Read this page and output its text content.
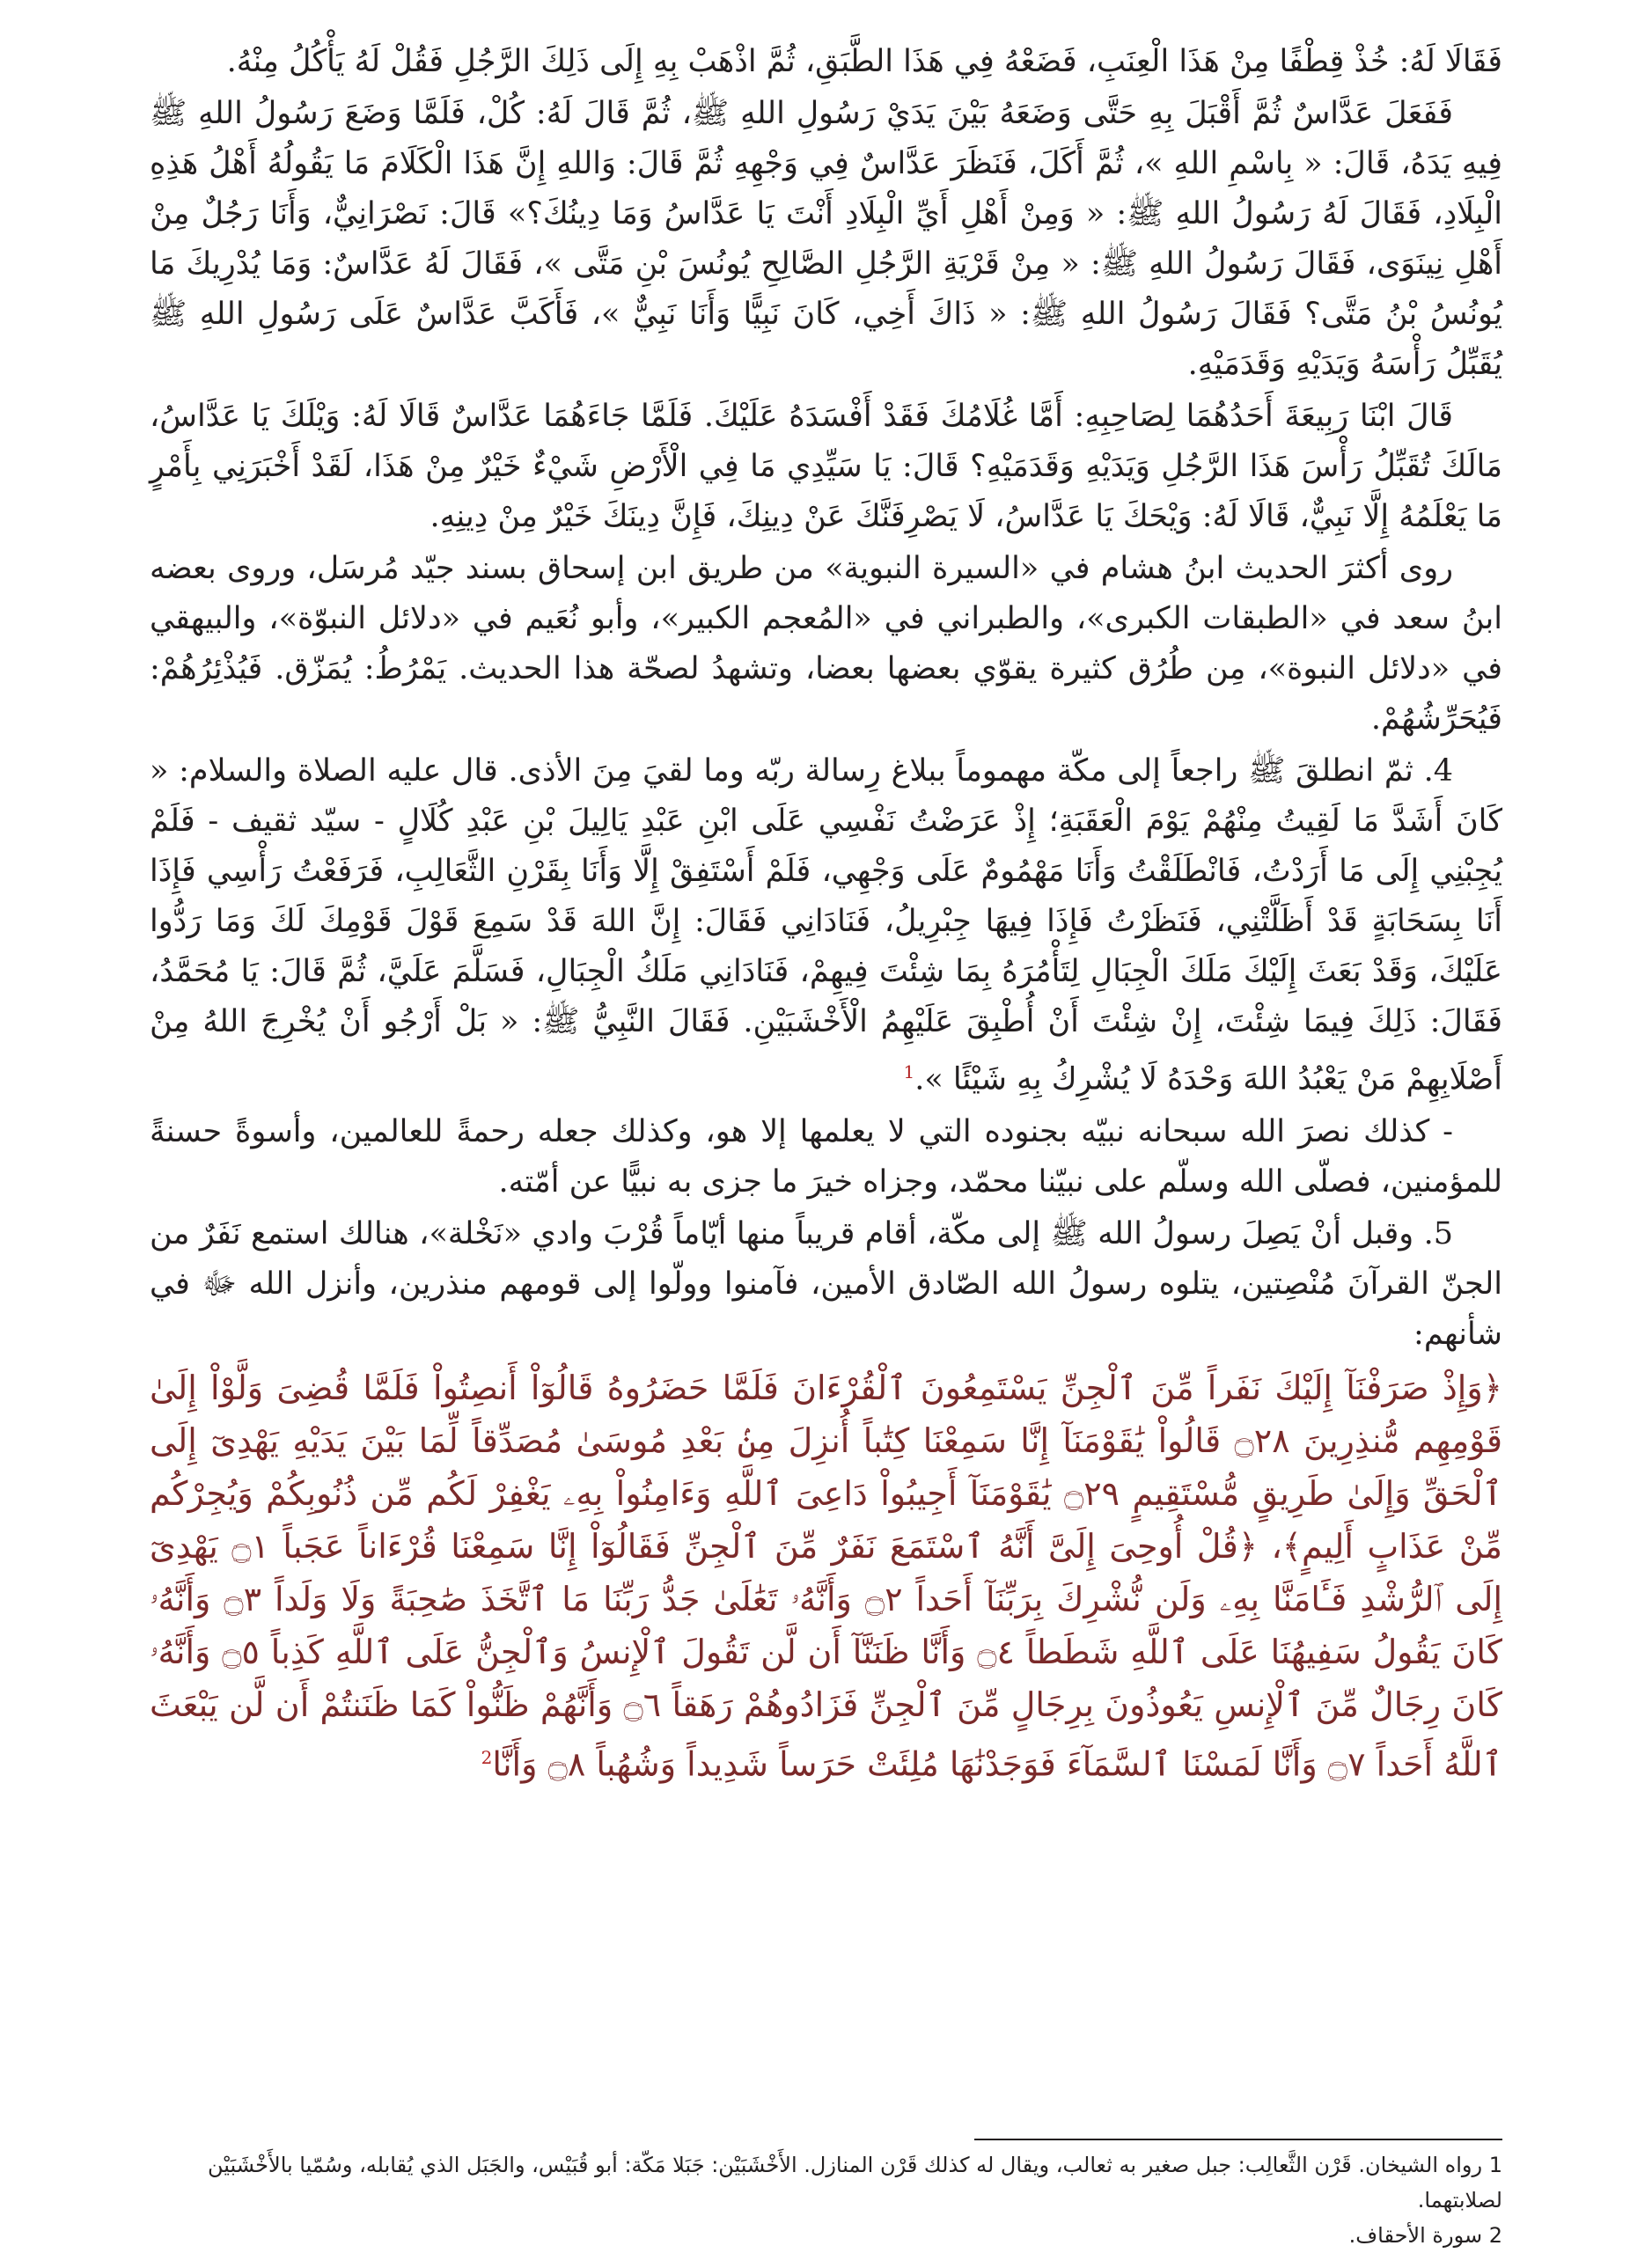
فَقَالَا لَهُ: خُذْ قِطْفًا مِنْ هَذَا الْعِنَبِ، فَضَعْهُ فِي هَذَا الطَّبَقِ، ثُمَّ اذْهَبْ بِهِ إِلَى ذَلِكَ الرَّجُلِ فَقُلْ لَهُ يَأْكُلُ مِنْهُ.

فَفَعَلَ عَدَّاسٌ ثُمَّ أَقْبَلَ بِهِ حَتَّى وَضَعَهُ بَيْنَ يَدَيْ رَسُولِ اللهِ ﷺ، ثُمَّ قَالَ لَهُ: كُلْ، فَلَمَّا وَضَعَ رَسُولُ اللهِ ﷺ فِيهِ يَدَهُ، قَالَ: « بِاسْمِ اللهِ »، ثُمَّ أَكَلَ، فَنَظَرَ عَدَّاسٌ فِي وَجْهِهِ ثُمَّ قَالَ: وَاللهِ إِنَّ هَذَا الْكَلَامَ مَا يَقُولُهُ أَهْلُ هَذِهِ الْبِلَادِ، فَقَالَ لَهُ رَسُولُ اللهِ ﷺ: « وَمِنْ أَهْلِ أَيِّ الْبِلَادِ أَنْتَ يَا عَدَّاسُ وَمَا دِينُكَ؟» قَالَ: نَصْرَانِيٌّ، وَأَنَا رَجُلٌ مِنْ أَهْلِ نِينَوَى، فَقَالَ رَسُولُ اللهِ ﷺ: « مِنْ قَرْيَةِ الرَّجُلِ الصَّالِحِ يُونُسَ بْنِ مَتَّى »، فَقَالَ لَهُ عَدَّاسٌ: وَمَا يُدْرِيكَ مَا يُونُسُ بْنُ مَتَّى؟ فَقَالَ رَسُولُ اللهِ ﷺ: « ذَاكَ أَخِي، كَانَ نَبِيًّا وَأَنَا نَبِيٌّ »، فَأَكَبَّ عَدَّاسٌ عَلَى رَسُولِ اللهِ ﷺ يُقَبِّلُ رَأْسَهُ وَيَدَيْهِ وَقَدَمَيْهِ.

قَالَ ابْنَا رَبِيعَةَ أَحَدُهُمَا لِصَاحِبِهِ: أَمَّا غُلَامُكَ فَقَدْ أَفْسَدَهُ عَلَيْكَ. فَلَمَّا جَاءَهُمَا عَدَّاسٌ قَالَا لَهُ: وَيْلَكَ يَا عَدَّاسُ، مَالَكَ تُقَبِّلُ رَأْسَ هَذَا الرَّجُلِ وَيَدَيْهِ وَقَدَمَيْهِ؟ قَالَ: يَا سَيِّدِي مَا فِي الْأَرْضِ شَيْءٌ خَيْرٌ مِنْ هَذَا، لَقَدْ أَخْبَرَنِي بِأَمْرٍ مَا يَعْلَمُهُ إِلَّا نَبِيٌّ، قَالَا لَهُ: وَيْحَكَ يَا عَدَّاسُ، لَا يَصْرِفَنَّكَ عَنْ دِينِكَ، فَإِنَّ دِينَكَ خَيْرٌ مِنْ دِينِهِ.

روى أكثرَ الحديث ابنُ هشام في «السيرة النبوية» من طريق ابن إسحاق بسند جيّد مُرسَل، وروى بعضه ابنُ سعد في «الطبقات الكبرى»، والطبراني في «المُعجم الكبير»، وأبو نُعَيم في «دلائل النبوّة»، والبيهقي في «دلائل النبوة»، مِن طُرُق كثيرة يقوّي بعضها بعضا، وتشهدُ لصحّة هذا الحديث. يَمْرُطُ: يُمَزّق. فَيُذْئِرُهُمْ: فَيُحَرِّشُهُمْ.

4. ثمّ انطلقَ ﷺ راجعاً إلى مكّة مهموماً ببلاغ رِسالة ربّه وما لقيَ مِنَ الأذى. قال عليه الصلاة والسلام: « كَانَ أَشَدَّ مَا لَقِيتُ مِنْهُمْ يَوْمَ الْعَقَبَةِ؛ إِذْ عَرَضْتُ نَفْسِي عَلَى ابْنِ عَبْدِ يَالِيلَ بْنِ عَبْدِ كُلَالٍ - سيّد ثقيف - فَلَمْ يُجِبْنِي إِلَى مَا أَرَدْتُ، فَانْطَلَقْتُ وَأَنَا مَهْمُومٌ عَلَى وَجْهِي، فَلَمْ أَسْتَفِقْ إِلَّا وَأَنَا بِقَرْنِ الثَّعَالِبِ، فَرَفَعْتُ رَأْسِي فَإِذَا أَنَا بِسَحَابَةٍ قَدْ أَظَلَّتْنِي، فَنَظَرْتُ فَإِذَا فِيهَا جِبْرِيلُ، فَنَادَانِي فَقَالَ: إِنَّ اللهَ قَدْ سَمِعَ قَوْلَ قَوْمِكَ لَكَ وَمَا رَدُّوا عَلَيْكَ، وَقَدْ بَعَثَ إِلَيْكَ مَلَكَ الْجِبَالِ لِتَأْمُرَهُ بِمَا شِئْتَ فِيهِمْ، فَنَادَانِي مَلَكُ الْجِبَالِ، فَسَلَّمَ عَلَيَّ، ثُمَّ قَالَ: يَا مُحَمَّدُ، فَقَالَ: ذَلِكَ فِيمَا شِئْتَ، إِنْ شِئْتَ أَنْ أُطْبِقَ عَلَيْهِمُ الْأَخْشَبَيْنِ. فَقَالَ النَّبِيُّ ﷺ: « بَلْ أَرْجُو أَنْ يُخْرِجَ اللهُ مِنْ أَصْلَابِهِمْ مَنْ يَعْبُدُ اللهَ وَحْدَهُ لَا يُشْرِكُ بِهِ شَيْئًا ».$^1$

- كذلك نصرَ الله سبحانه نبيّه بجنوده التي لا يعلمها إلا هو، وكذلك جعله رحمةً للعالمين، وأسوةً حسنةً للمؤمنين، فصلّى الله وسلّم على نبيّنا محمّد، وجزاه خيرَ ما جزى به نبيًّا عن أمّته.

5. وقبل أنْ يَصِلَ رسولُ الله ﷺ إلى مكّة، أقام قريباً منها أيّاماً قُرْبَ وادي «نَخْلة»، هنالك استمع نَفَرٌ من الجنّ القرآنَ مُنْصِتين، يتلوه رسولُ الله الصّادق الأمين، فآمنوا وولّوا إلى قومهم منذرين، وأنزل الله ﷻ في شأنهم:

﴿وَإِذْ صَرَفْنَآ إِلَيْكَ نَفَراً مِّنَ ٱلْجِنِّ يَسْتَمِعُونَ ٱلْقُرْءَانَ فَلَمَّا حَضَرُوهُ قَالُوٓاْ أَنصِتُواْ فَلَمَّا قُضِىَ وَلَّوْاْ إِلَىٰ قَوْمِهِم مُّنذِرِينَ ۝٢٨ قَالُواْ يَٰقَوْمَنَآ إِنَّا سَمِعْنَا كِتَٰباً أُنزِلَ مِنۢ بَعْدِ مُوسَىٰ مُصَدِّقاً لِّمَا بَيْنَ يَدَيْهِ يَهْدِىٓ إِلَى ٱلْحَقِّ وَإِلَىٰ طَرِيقٍ مُّسْتَقِيمٍ ۝٢٩ يَٰقَوْمَنَآ أَجِيبُواْ دَاعِىَ ٱللَّهِ وَءَامِنُواْ بِهِۦ يَغْفِرْ لَكُم مِّن ذُنُوبِكُمْ وَيُجِرْكُم مِّنْ عَذَابٍ أَلِيمٍ﴾، ﴿قُلْ أُوحِىَ إِلَىَّ أَنَّهُ ٱسْتَمَعَ نَفَرٌ مِّنَ ٱلْجِنِّ فَقَالُوٓاْ إِنَّا سَمِعْنَا قُرْءَاناً عَجَباً ۝١ يَهْدِىٓ إِلَى ٱلرُّشْدِ فَـَٔامَنَّا بِهِۦ وَلَن نُّشْرِكَ بِرَبِّنَآ أَحَداً ۝٢ وَأَنَّهُۥ تَعَٰلَىٰ جَدُّ رَبِّنَا مَا ٱتَّخَذَ صَٰحِبَةً وَلَا وَلَداً ۝٣ وَأَنَّهُۥ كَانَ يَقُولُ سَفِيهُنَا عَلَى ٱللَّهِ شَطَطاً ۝٤ وَأَنَّا ظَنَنَّآ أَن لَّن تَقُولَ ٱلْإِنسُ وَٱلْجِنُّ عَلَى ٱللَّهِ كَذِباً ۝٥ وَأَنَّهُۥ كَانَ رِجَالٌ مِّنَ ٱلْإِنسِ يَعُوذُونَ بِرِجَالٍ مِّنَ ٱلْجِنِّ فَزَادُوهُمْ رَهَقاً ۝٦ وَأَنَّهُمْ ظَنُّواْ كَمَا ظَنَنتُمْ أَن لَّن يَبْعَثَ ٱللَّهُ أَحَداً ۝٧ وَأَنَّا لَمَسْنَا ٱلسَّمَآءَ فَوَجَدْنَٰهَا مُلِئَتْ حَرَساً شَدِيداً وَشُهُباً ۝٨ وَأَنَّا$^2$

1 رواه الشيخان. قَرْن الثَّعالِب: جبل صغير به ثعالب، ويقال له كذلك قَرْن المنازل. الأَخْشَبَيْن: جَبَلا مَكّة: أبو قُبَيْس، والجَبَل الذي يُقابله، وسُمّيا بالأَخْشَبَيْن لصلابتهما.

2 سورة الأحقاف.
